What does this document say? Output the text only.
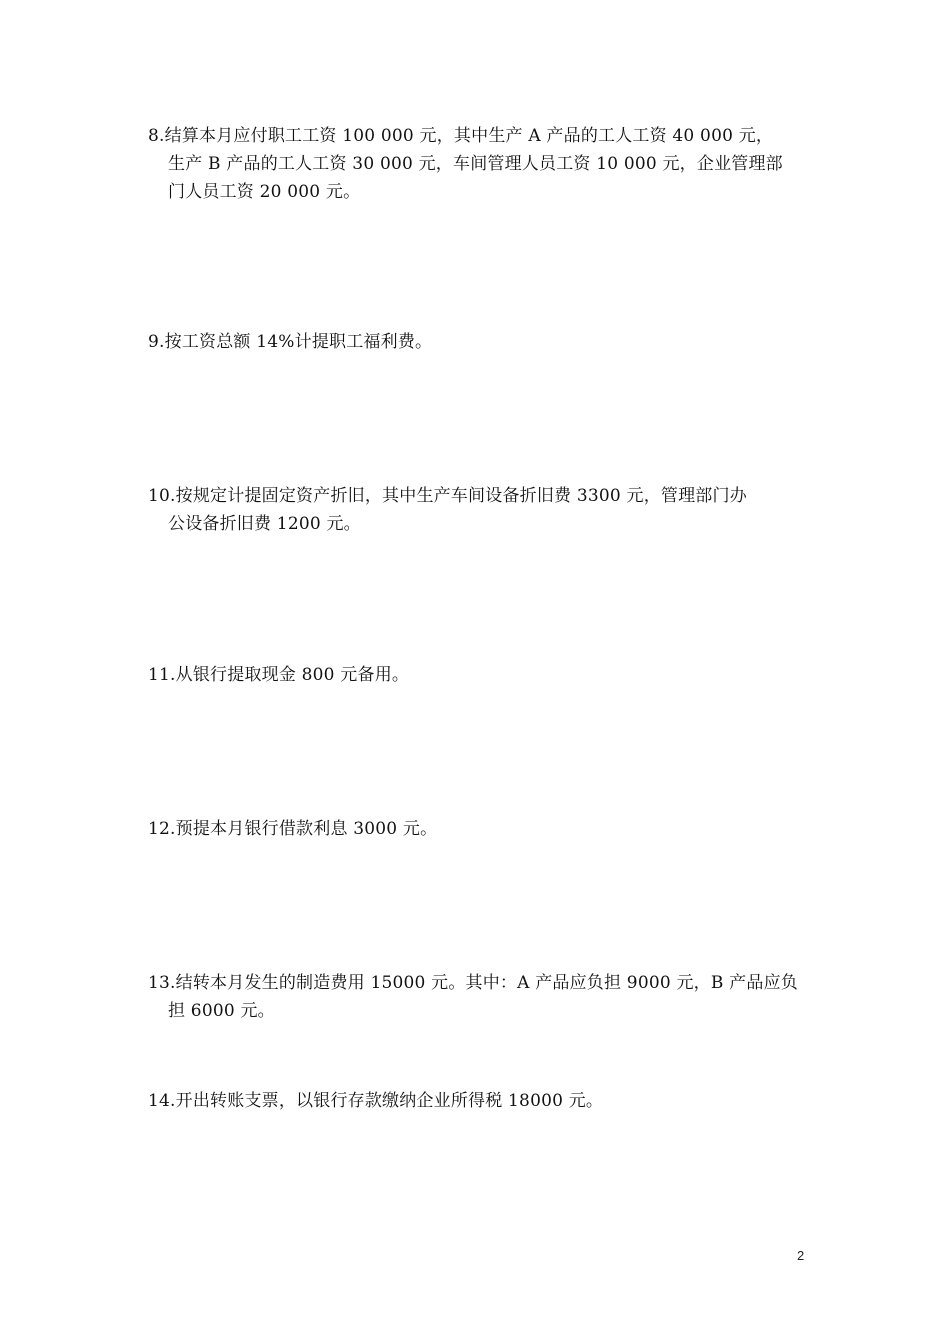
8.结算本月应付职工工资 100 000 元，其中生产 A 产品的工人工资 40 000 元，
生产 B 产品的工人工资 30 000 元，车间管理人员工资 10 000 元，企业管理部
门人员工资 20 000 元。
9.按工资总额 14%计提职工福利费。
10.按规定计提固定资产折旧，其中生产车间设备折旧费 3300 元，管理部门办
公设备折旧费 1200 元。
11.从银行提取现金 800 元备用。
12.预提本月银行借款利息 3000 元。
13.结转本月发生的制造费用 15000 元。其中：A 产品应负担 9000 元，B 产品应负
担 6000 元。
14.开出转账支票，以银行存款缴纳企业所得税 18000 元。
2
